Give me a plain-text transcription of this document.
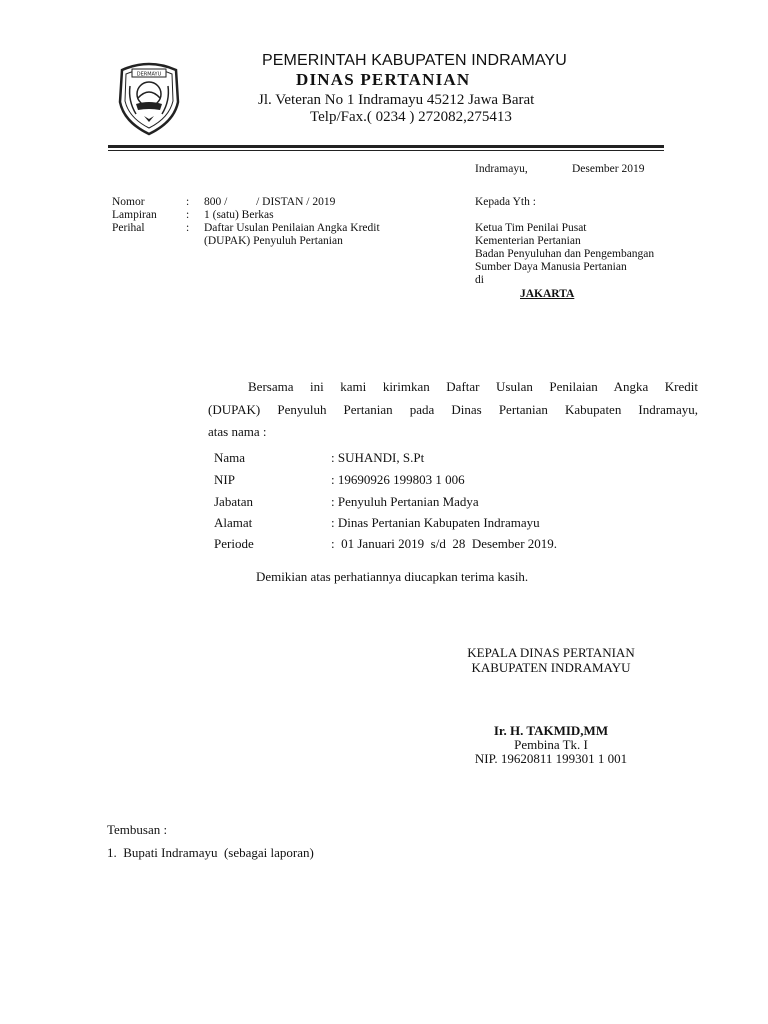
DERMAYU
PEMERINTAH KABUPATEN INDRAMAYU
DINAS PERTANIAN
Jl. Veteran No 1 Indramayu 45212 Jawa Barat
Telp/Fax.( 0234 ) 272082,275413
Indramayu,	Desember 2019
Nomor	: 800 /          / DISTAN / 2019
Lampiran	: 1 (satu) Berkas
Perihal	: Daftar Usulan Penilaian Angka Kredit
(DUPAK) Penyuluh Pertanian
Kepada Yth :
Ketua Tim Penilai Pusat
Kementerian Pertanian
Badan Penyuluhan dan Pengembangan
Sumber Daya Manusia Pertanian
di
JAKARTA
Bersama ini kami kirimkan Daftar Usulan Penilaian Angka Kredit
(DUPAK) Penyuluh Pertanian pada Dinas Pertanian Kabupaten Indramayu,
atas nama :
Nama	: SUHANDI, S.Pt
NIP	: 19690926 199803 1 006
Jabatan	: Penyuluh Pertanian Madya
Alamat	: Dinas Pertanian Kabupaten Indramayu
Periode	:  01 Januari 2019  s/d  28  Desember 2019.
Demikian atas perhatiannya diucapkan terima kasih.
KEPALA DINAS PERTANIAN
KABUPATEN INDRAMAYU
Ir. H. TAKMID,MM
Pembina Tk. I
NIP. 19620811 199301 1 001
Tembusan :
1.  Bupati Indramayu  (sebagai laporan)
